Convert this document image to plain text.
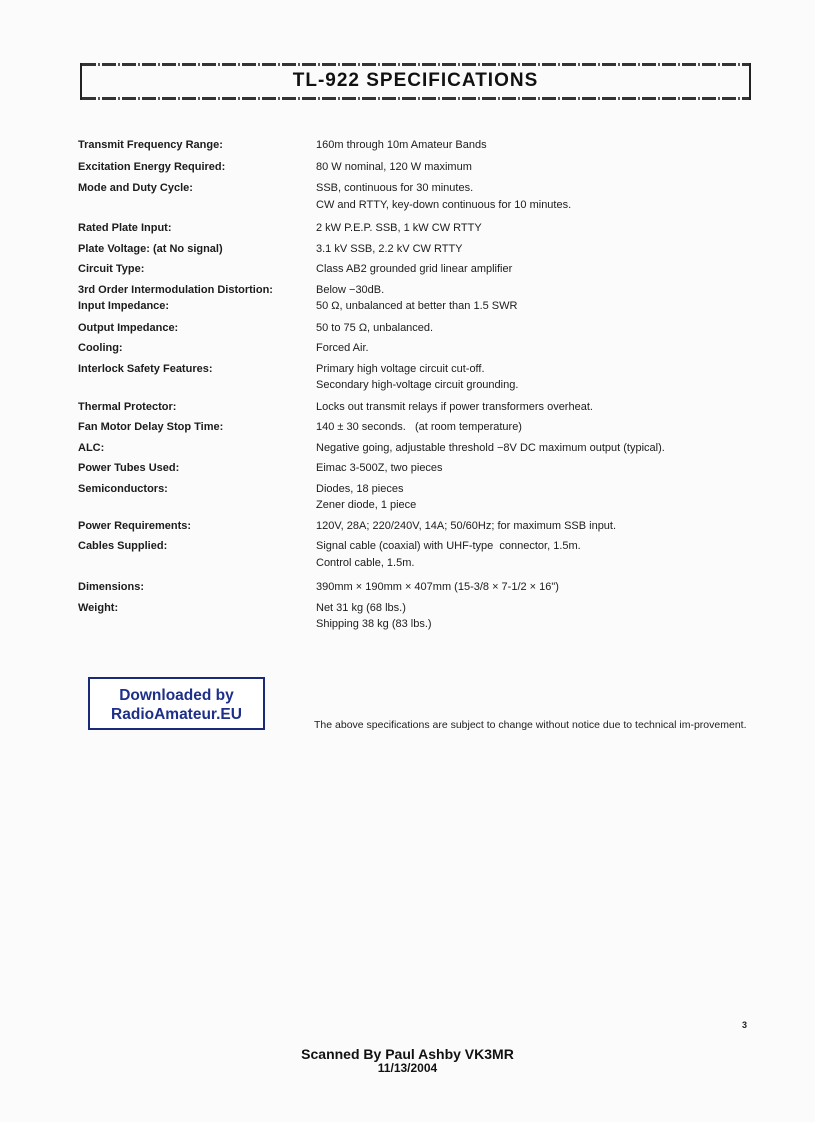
TL-922 SPECIFICATIONS
Transmit Frequency Range:	160m through 10m Amateur Bands
Excitation Energy Required:	80 W nominal, 120 W maximum
Mode and Duty Cycle:	SSB, continuous for 30 minutes.
CW and RTTY, key-down continuous for 10 minutes.
Rated Plate Input:	2 kW P.E.P. SSB, 1 kW CW RTTY
Plate Voltage: (at No signal)	3.1 kV SSB, 2.2 kV CW RTTY
Circuit Type:	Class AB2 grounded grid linear amplifier
3rd Order Intermodulation Distortion:	Below −30dB.
Input Impedance:	50 Ω, unbalanced at better than 1.5 SWR
Output Impedance:	50 to 75 Ω, unbalanced.
Cooling:	Forced Air.
Interlock Safety Features:	Primary high voltage circuit cut-off.
Secondary high-voltage circuit grounding.
Thermal Protector:	Locks out transmit relays if power transformers overheat.
Fan Motor Delay Stop Time:	140 ± 30 seconds.   (at room temperature)
ALC:	Negative going, adjustable threshold −8V DC maximum output (typical).
Power Tubes Used:	Eimac 3-500Z, two pieces
Semiconductors:	Diodes, 18 pieces
Zener diode, 1 piece
Power Requirements:	120V, 28A; 220/240V, 14A; 50/60Hz; for maximum SSB input.
Cables Supplied:	Signal cable (coaxial) with UHF-type  connector, 1.5m.
Control cable, 1.5m.
Dimensions:	390mm × 190mm × 407mm (15-3/8 × 7-1/2 × 16")
Weight:	Net 31 kg (68 lbs.)
Shipping 38 kg (83 lbs.)
Downloaded by
RadioAmateur.EU
The above specifications are subject to change without notice due to technical im-provement.
3
Scanned By Paul Ashby VK3MR
11/13/2004
